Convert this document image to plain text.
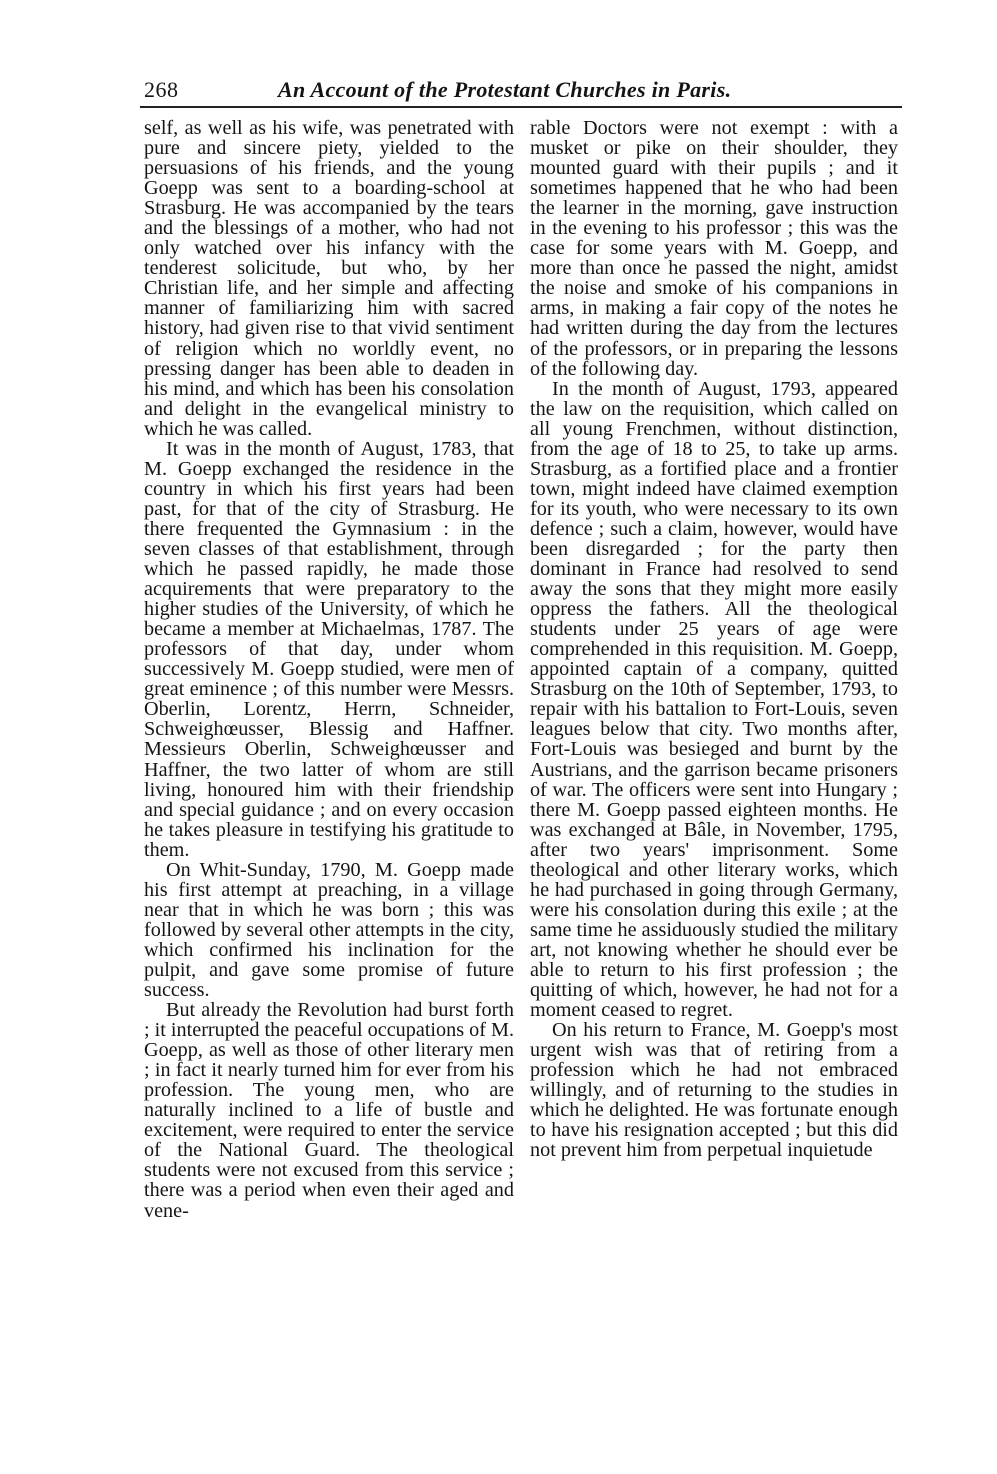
268	An Account of the Protestant Churches in Paris.

self, as well as his wife, was penetrated with pure and sincere piety, yielded to the persuasions of his friends, and the young Goepp was sent to a boarding-school at Strasburg. He was accompanied by the tears and the blessings of a mother, who had not only watched over his infancy with the tenderest solicitude, but who, by her Christian life, and her simple and affecting manner of familiarizing him with sacred history, had given rise to that vivid sentiment of religion which no worldly event, no pressing danger has been able to deaden in his mind, and which has been his consolation and delight in the evangelical ministry to which he was called.

It was in the month of August, 1783, that M. Goepp exchanged the residence in the country in which his first years had been past, for that of the city of Strasburg. He there frequented the Gymnasium : in the seven classes of that establishment, through which he passed rapidly, he made those acquirements that were preparatory to the higher studies of the University, of which he became a member at Michaelmas, 1787. The professors of that day, under whom successively M. Goepp studied, were men of great eminence ; of this number were Messrs. Oberlin, Lorentz, Herrn, Schneider, Schweighœusser, Blessig and Haffner. Messieurs Oberlin, Schweighœusser and Haffner, the two latter of whom are still living, honoured him with their friendship and special guidance ; and on every occasion he takes pleasure in testifying his gratitude to them.

On Whit-Sunday, 1790, M. Goepp made his first attempt at preaching, in a village near that in which he was born ; this was followed by several other attempts in the city, which confirmed his inclination for the pulpit, and gave some promise of future success.

But already the Revolution had burst forth ; it interrupted the peaceful occupations of M. Goepp, as well as those of other literary men ; in fact it nearly turned him for ever from his profession. The young men, who are naturally inclined to a life of bustle and excitement, were required to enter the service of the National Guard. The theological students were not excused from this service ; there was a period when even their aged and vene-

rable Doctors were not exempt : with a musket or pike on their shoulder, they mounted guard with their pupils ; and it sometimes happened that he who had been the learner in the morning, gave instruction in the evening to his professor ; this was the case for some years with M. Goepp, and more than once he passed the night, amidst the noise and smoke of his companions in arms, in making a fair copy of the notes he had written during the day from the lectures of the professors, or in preparing the lessons of the following day.

In the month of August, 1793, appeared the law on the requisition, which called on all young Frenchmen, without distinction, from the age of 18 to 25, to take up arms. Strasburg, as a fortified place and a frontier town, might indeed have claimed exemption for its youth, who were necessary to its own defence ; such a claim, however, would have been disregarded ; for the party then dominant in France had resolved to send away the sons that they might more easily oppress the fathers. All the theological students under 25 years of age were comprehended in this requisition. M. Goepp, appointed captain of a company, quitted Strasburg on the 10th of September, 1793, to repair with his battalion to Fort-Louis, seven leagues below that city. Two months after, Fort-Louis was besieged and burnt by the Austrians, and the garrison became prisoners of war. The officers were sent into Hungary ; there M. Goepp passed eighteen months. He was exchanged at Bâle, in November, 1795, after two years' imprisonment. Some theological and other literary works, which he had purchased in going through Germany, were his consolation during this exile ; at the same time he assiduously studied the military art, not knowing whether he should ever be able to return to his first profession ; the quitting of which, however, he had not for a moment ceased to regret.

On his return to France, M. Goepp's most urgent wish was that of retiring from a profession which he had not embraced willingly, and of returning to the studies in which he delighted. He was fortunate enough to have his resignation accepted ; but this did not prevent him from perpetual inquietude
